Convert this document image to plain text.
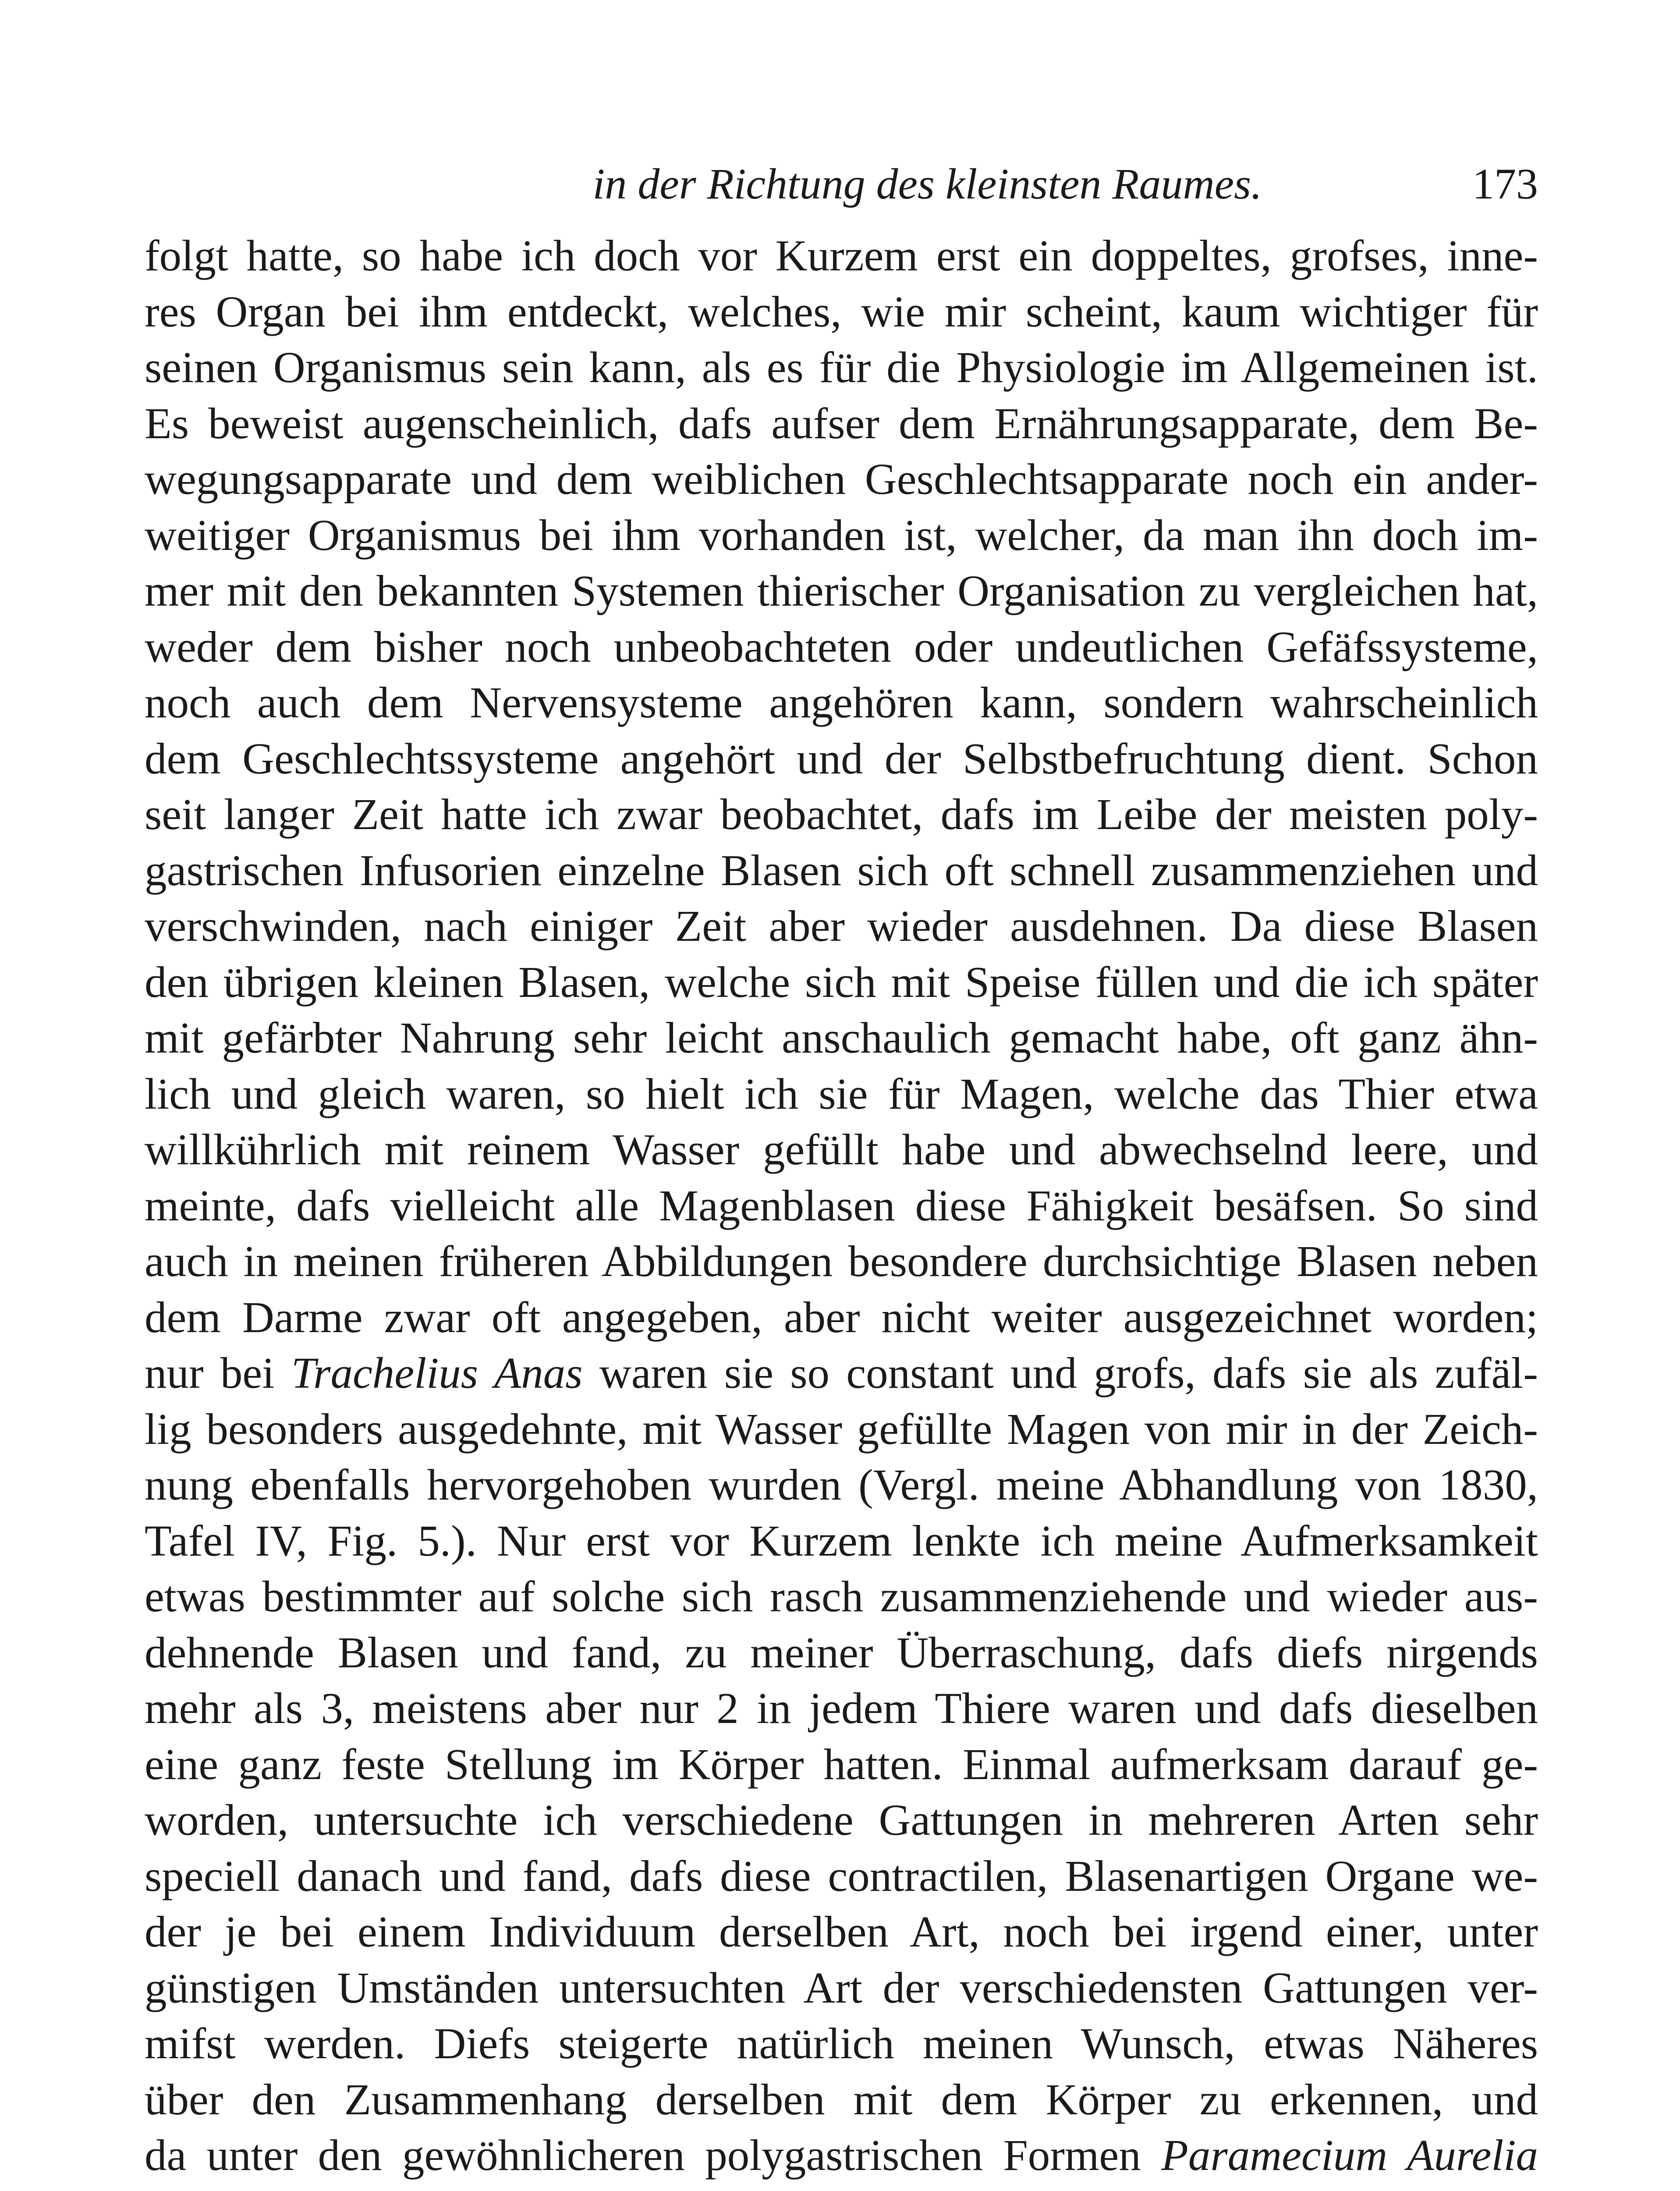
in der Richtung des kleinsten Raumes.	173
folgt hatte, so habe ich doch vor Kurzem erst ein doppeltes, grofses, inne-
res Organ bei ihm entdeckt, welches, wie mir scheint, kaum wichtiger für
seinen Organismus sein kann, als es für die Physiologie im Allgemeinen ist.
Es beweist augenscheinlich, dafs aufser dem Ernährungsapparate, dem Be-
wegungsapparate und dem weiblichen Geschlechtsapparate noch ein ander-
weitiger Organismus bei ihm vorhanden ist, welcher, da man ihn doch im-
mer mit den bekannten Systemen thierischer Organisation zu vergleichen hat,
weder dem bisher noch unbeobachteten oder undeutlichen Gefäfssysteme,
noch auch dem Nervensysteme angehören kann, sondern wahrscheinlich
dem Geschlechtssysteme angehört und der Selbstbefruchtung dient. Schon
seit langer Zeit hatte ich zwar beobachtet, dafs im Leibe der meisten poly-
gastrischen Infusorien einzelne Blasen sich oft schnell zusammenziehen und
verschwinden, nach einiger Zeit aber wieder ausdehnen. Da diese Blasen
den übrigen kleinen Blasen, welche sich mit Speise füllen und die ich später
mit gefärbter Nahrung sehr leicht anschaulich gemacht habe, oft ganz ähn-
lich und gleich waren, so hielt ich sie für Magen, welche das Thier etwa
willkührlich mit reinem Wasser gefüllt habe und abwechselnd leere, und
meinte, dafs vielleicht alle Magenblasen diese Fähigkeit besäfsen. So sind
auch in meinen früheren Abbildungen besondere durchsichtige Blasen neben
dem Darme zwar oft angegeben, aber nicht weiter ausgezeichnet worden;
nur bei Trachelius Anas waren sie so constant und grofs, dafs sie als zufäl-
lig besonders ausgedehnte, mit Wasser gefüllte Magen von mir in der Zeich-
nung ebenfalls hervorgehoben wurden (Vergl. meine Abhandlung von 1830,
Tafel IV, Fig. 5.). Nur erst vor Kurzem lenkte ich meine Aufmerksamkeit
etwas bestimmter auf solche sich rasch zusammenziehende und wieder aus-
dehnende Blasen und fand, zu meiner Überraschung, dafs diefs nirgends
mehr als 3, meistens aber nur 2 in jedem Thiere waren und dafs dieselben
eine ganz feste Stellung im Körper hatten. Einmal aufmerksam darauf ge-
worden, untersuchte ich verschiedene Gattungen in mehreren Arten sehr
speciell danach und fand, dafs diese contractilen, Blasenartigen Organe we-
der je bei einem Individuum derselben Art, noch bei irgend einer, unter
günstigen Umständen untersuchten Art der verschiedensten Gattungen ver-
mifst werden. Diefs steigerte natürlich meinen Wunsch, etwas Näheres
über den Zusammenhang derselben mit dem Körper zu erkennen, und
da unter den gewöhnlicheren polygastrischen Formen Paramecium Aurelia
